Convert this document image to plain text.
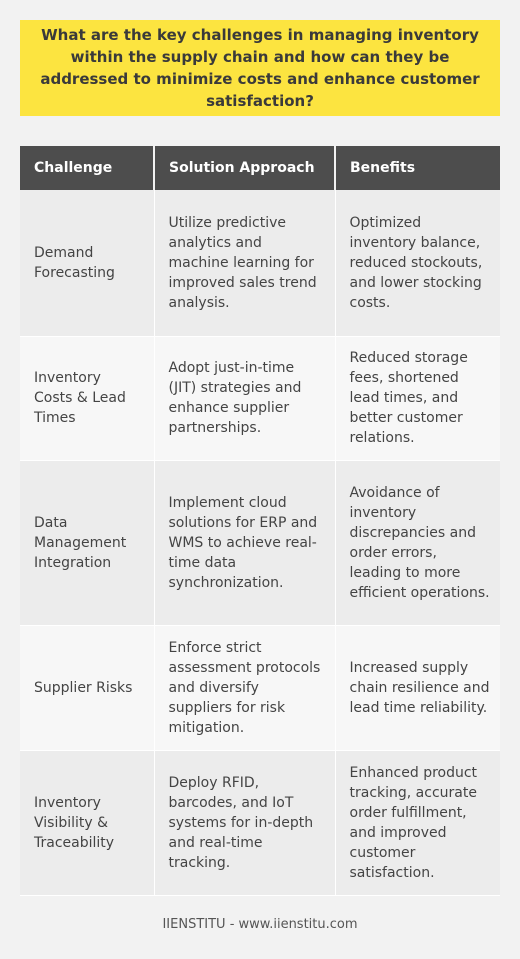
What are the key challenges in managing inventory within the supply chain and how can they be addressed to minimize costs and enhance customer satisfaction?
Challenge	Solution Approach	Benefits
Demand Forecasting	Utilize predictive analytics and machine learning for improved sales trend analysis.	Optimized inventory balance, reduced stockouts, and lower stocking costs.
Inventory Costs & Lead Times	Adopt just-in-time (JIT) strategies and enhance supplier partnerships.	Reduced storage fees, shortened lead times, and better customer relations.
Data Management Integration	Implement cloud solutions for ERP and WMS to achieve real-time data synchronization.	Avoidance of inventory discrepancies and order errors, leading to more efficient operations.
Supplier Risks	Enforce strict assessment protocols and diversify suppliers for risk mitigation.	Increased supply chain resilience and lead time reliability.
Inventory Visibility & Traceability	Deploy RFID, barcodes, and IoT systems for in-depth and real-time tracking.	Enhanced product tracking, accurate order fulfillment, and improved customer satisfaction.
IIENSTITU - www.iienstitu.com
